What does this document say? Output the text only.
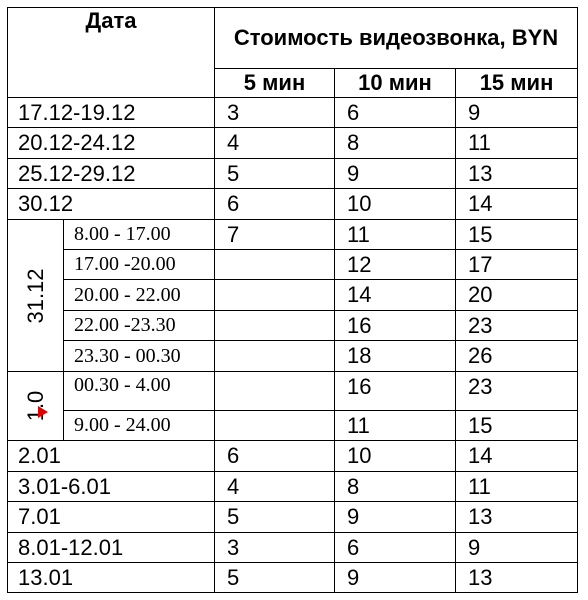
Дата		Стоимость видеозвонка, BYN		
		5 мин	10 мин	15 мин
17.12-19.12		3	6	9
20.12-24.12		4	8	11
25.12-29.12		5	9	13
30.12		6	10	14

31.12	8.00 - 17.00	7	11	15
	17.00 -20.00		12	17
	20.00 - 22.00		14	20
	22.00 -23.30		16	23
	23.30 - 00.30		18	26

1.0	00.30 - 4.00		16	23
	9.00 - 24.00		11	15
2.01		6	10	14
3.01-6.01		4	8	11
7.01		5	9	13
8.01-12.01		3	6	9
13.01		5	9	13
